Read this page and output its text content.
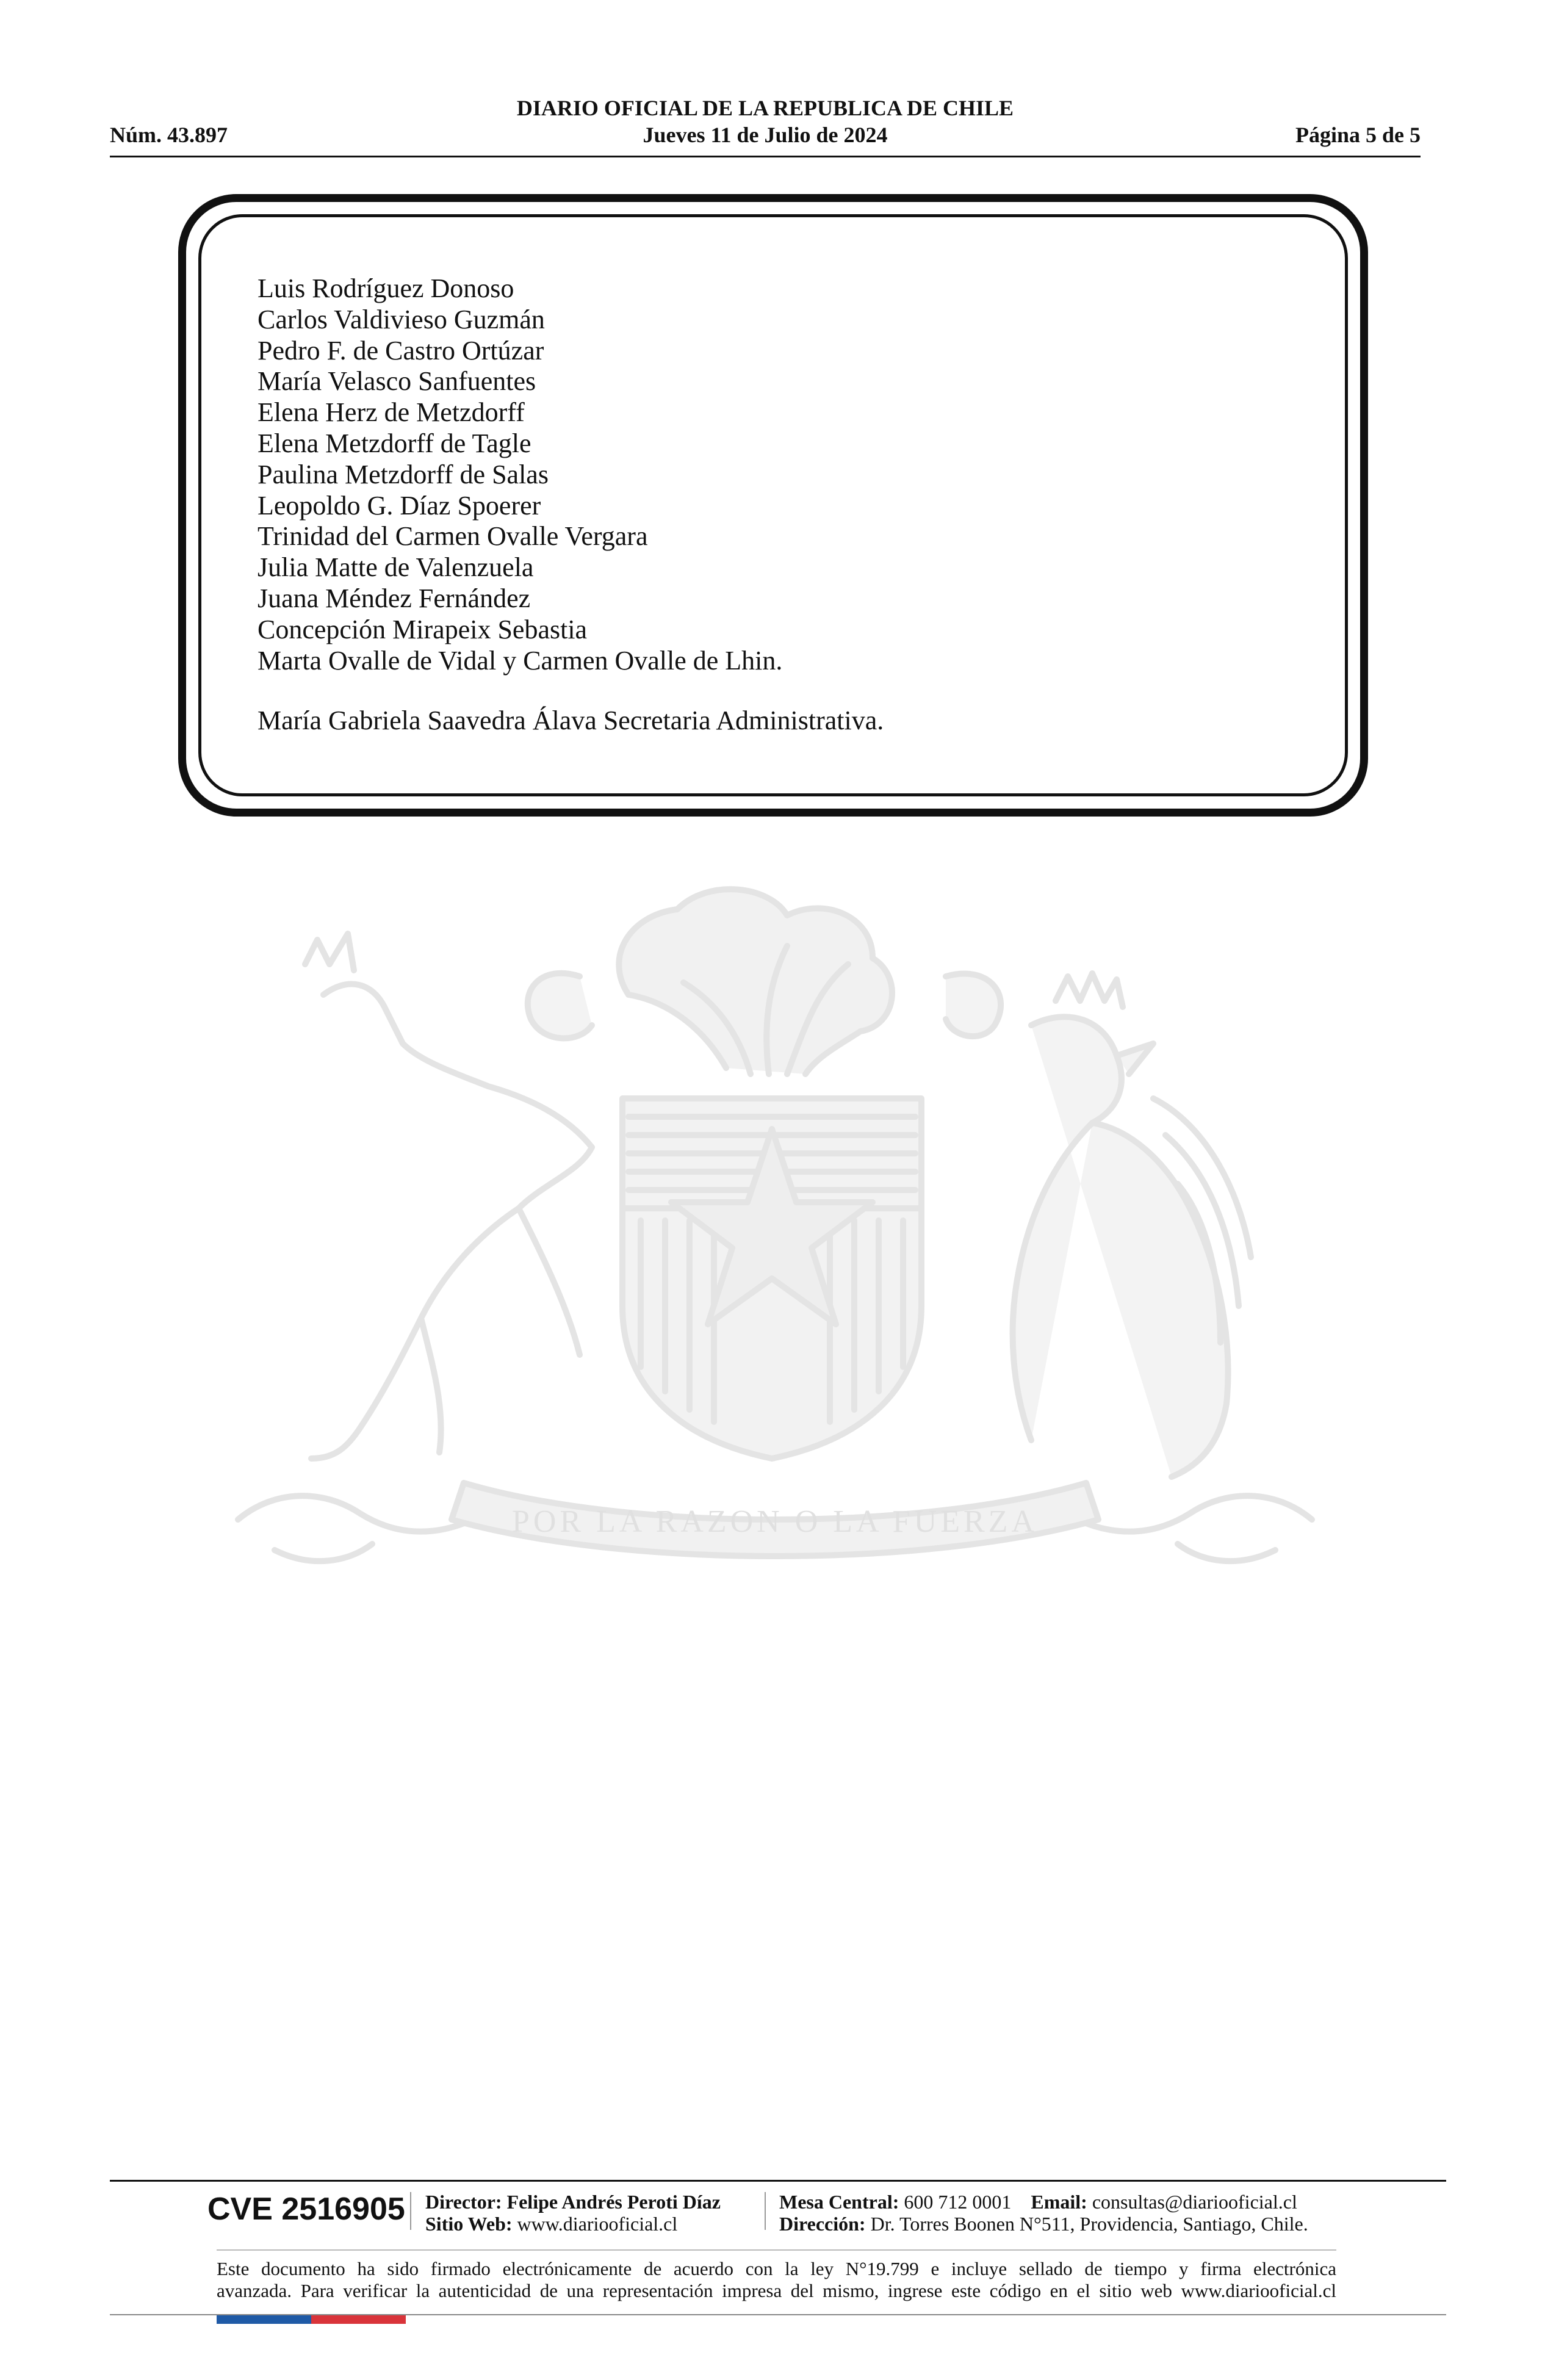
DIARIO OFICIAL DE LA REPUBLICA DE CHILE
Núm. 43.897	Jueves 11 de Julio de 2024	Página 5 de 5
Luis Rodríguez Donoso
Carlos Valdivieso Guzmán
Pedro F. de Castro Ortúzar
María Velasco Sanfuentes
Elena Herz de Metzdorff
Elena Metzdorff de Tagle
Paulina Metzdorff de Salas
Leopoldo G. Díaz Spoerer
Trinidad del Carmen Ovalle Vergara
Julia Matte de Valenzuela
Juana Méndez Fernández
Concepción Mirapeix Sebastia
Marta Ovalle de Vidal y Carmen Ovalle de Lhin.
María Gabriela Saavedra Álava Secretaria Administrativa.
POR LA RAZON O LA FUERZA
CVE 2516905 Director: Felipe Andrés Peroti Díaz
Sitio Web: www.diariooficial.cl
Mesa Central: 600 712 0001 Email: consultas@diariooficial.cl
Dirección: Dr. Torres Boonen N°511, Providencia, Santiago, Chile.
Este documento ha sido firmado electrónicamente de acuerdo con la ley N°19.799 e incluye sellado de tiempo y firma electrónica
avanzada. Para verificar la autenticidad de una representación impresa del mismo, ingrese este código en el sitio web www.diariooficial.cl
